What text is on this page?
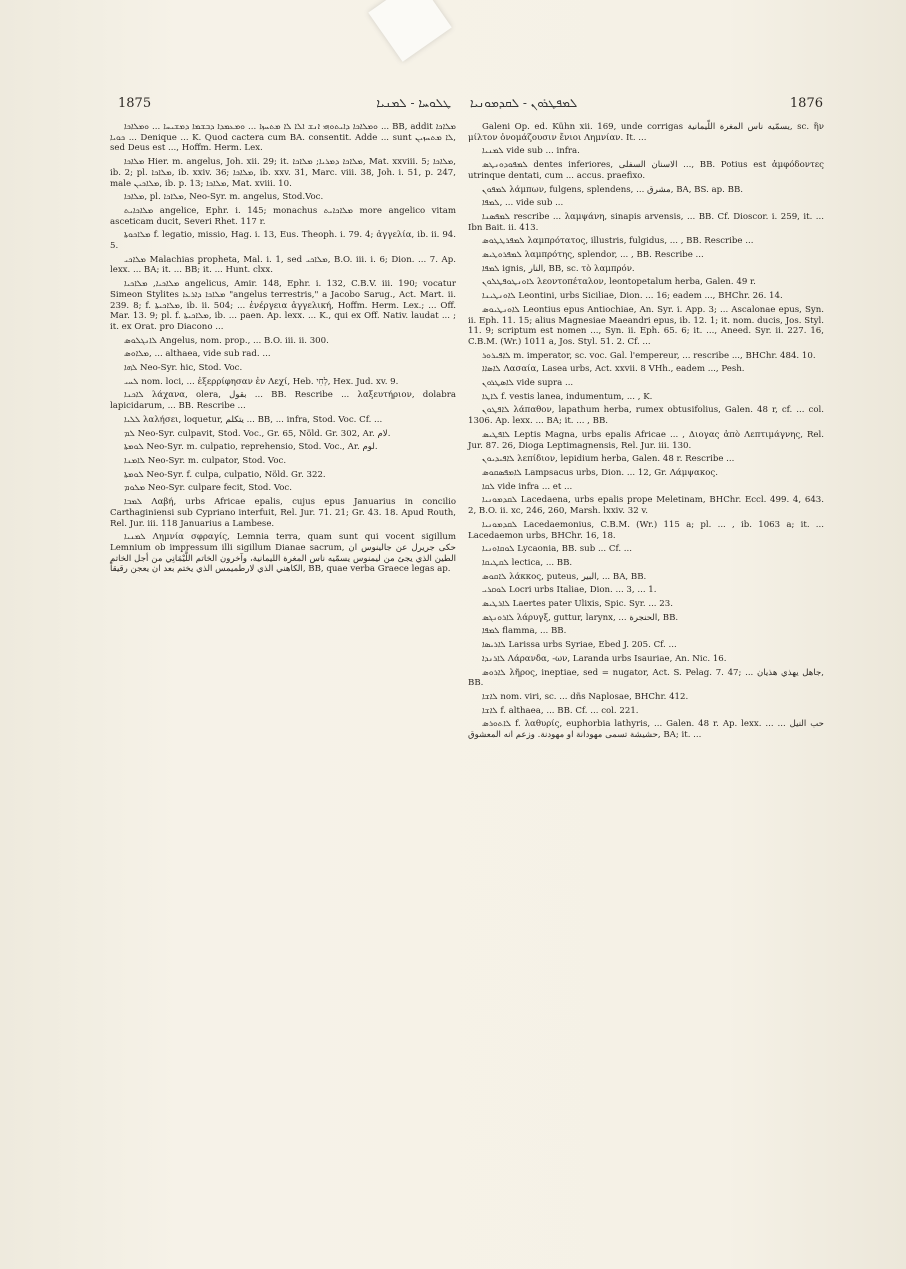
1875	ܛܠܘܚܐ - ܠܡܢܝܐ ܠܡܦܛܪܘܢ - ܠܩܕܡܘܢܝܐ	1876

ܘܡܠܐܟܐ ܕܐܝܬܘܗܝ ܐܢܫ ܐܠܐ ܠܐ ܡܬܚܙܐ ... ܘܡܥܡܕܐ ܕܒܫܡܐ ܕܡܫܝܚܐ ... ܘܡܠܐܟܐ ... BB, addit ܡܠܐܟܐ ܟܘܝܐ ... Denique ... K. Quod cactera cum BA. consentit. Adde ... sunt ܠܐ ܡܬܚܙܝܢ, sed Deus est ..., Hoffm. Herm. Lex.

ܡܠܐܟܐ Hier. m. angelus, Joh. xii. 29; it. ܡܠܐܟܐ ܕܡܪܝܐ; ܡܠܐܟܐ, Mat. xxviii. 5; ܡܠܐܟܐ, ib. 2; pl. ܡܠܐܟܐ, ib. xxiv. 36; ܡܠܐܟܐ, ib. xxv. 31, Marc. viii. 38, Joh. i. 51, p. 247, male ܡܠܐܟܝܢ, ib. p. 13; ܡܠܐܟܐ, Mat. xviii. 10.

ܡܠܐܟܐ, pl. ܡܠܐܟܐ, Neo-Syr. m. angelus, Stod.Voc.

ܡܠܐܟܐܝܬ angelice, Ephr. i. 145; monachus ܡܠܐܟܐܝܬ more angelico vitam asceticam ducit, Severi Rhet. 117 r.

ܡܠܐܟܘܬܐ f. legatio, missio, Hag. i. 13, Eus. Theoph. i. 79. 4; ἀγγελία, ib. ii. 94. 5.

ܡܠܐܟܝ Malachias propheta, Mal. i. 1, sed ܡܠܐܟܝ, B.O. iii. i. 6; Dion. ... 7. Ap. lexx. ... BA; it. ... BB; it. ... Hunt. clxx.

ܡܠܐܟܝܐ, ܡܠܐܟܝܐ angelicus, Amir. 148, Ephr. i. 132, C.B.V. iii. 190; vocatur Simeon Stylites ܡܠܐܟܐ ܕܐܪܥܐ "angelus terrestris," a Jacobo Sarug., Act. Mart. ii. 239. 8; f. ܡܠܐܟܝܬܐ, ib. ii. 504; ... ἐνέργεια ἀγγελική, Hoffm. Herm. Lex.; ... Off. Mar. 13. 9; pl. f. ܡܠܐܟܝܬܐ, ib. ... paen. Ap. lexx. ... K., qui ex Off. Nativ. laudat ... ; it. ex Orat. pro Diacono ...

ܠܐܢܓܠܘܣ Angelus, nom. prop., ... B.O. iii. ii. 300.

ܡܠܐܘܣ, ... althaea, vide sub rad. ...

ܠܗܐ Neo-Syr. hic, Stod. Voc.

ܠܚܝ nom. loci, ... ἐξερρίφησαν ἐν Λεχί, Heb. לְחִי, Hex. Jud. xv. 9.

ܠܐܟܢܐ λάχανα, olera, بقول ... BB. Rescribe ... λαξευτήριον, dolabra lapicidarum, ... BB. Rescribe ...

ܠܠܝܐ λαλήσει, loquetur, يتكلم ... BB, ... infra, Stod. Voc. Cf. ...

ܠܡ Neo-Syr. culpavit, Stod. Voc., Gr. 65, Nöld. Gr. 302, Ar. لام.

ܠܘܡܬܐ Neo-Syr. m. culpatio, reprehensio, Stod. Voc., Ar. لوم.

ܠܐܡܢܐ Neo-Syr. m. culpator, Stod. Voc.

ܠܘܡܬܐ Neo-Syr. f. culpa, culpatio, Nöld. Gr. 322.

ܡܠܘܡ Neo-Syr. culpare fecit, Stod. Voc.

ܠܡܒܐ Λαβή, urbs Africae epalis, cujus epus Januarius in concilio Carthaginiensi sub Cypriano interfuit, Rel. Jur. 71. 21; Gr. 43. 18. Apud Routh, Rel. Jur. iii. 118 Januarius a Lambese.

ܠܡܢܝܐ Λημνία σφραγίς, Lemnia terra, quam sunt qui vocent sigillum Lemnium ob impressum illi sigillum Dianae sacrum, حكى جريرل عن جالينوس ان الطين الذي يجئ من ليمنوس يسمّيه ناس المغرة الليمانية، وآخرون الخاتم اللَّيْمَانِي من أجل الخاتم الكاهني الذي لارطميمس الذي يختم بعد ان يعجن رقيقاً, BB, quae verba Graece legas ap.

Galeni Op. ed. Kühn xii. 169, unde corrigas يسمّيه ناس المغرة اللّيمانية, sc. ἣν μίλτον ὀνομάζουσιν ἔνιοι Λημνίαν. It. ...

ܠܡܢܝܐ vide sub ... infra.

ܠܡܦܘܕܘܢܛܣ dentes inferiores, الاسنان السفلى ..., BB. Potius est ἀμφόδοντες utrinque dentati, cum ... accus. praefixo.

ܠܡܦܘܢ λάμπων, fulgens, splendens, ... مشرق, BA, BS. ap. BB.

ܠܡܦܐ, ... vide sub ...

ܠܡܦܣܢܐ rescribe ... λαμψάνη, sinapis arvensis, ... BB. Cf. Dioscor. i. 259, it. ... Ibn Bait. ii. 413.

ܠܡܦܪܛܛܘܣ λαμπρότατος, illustris, fulgidus, ... , BB. Rescribe ...

ܠܡܦܪܘܛܝܣ λαμπρότης, splendor, ... , BB. Rescribe ...

ܠܡܦܐ ignis, النار, BB, sc. τὸ λαμπρόν.

ܠܐܘܢܛܘܦܛܠܘܢ λεοντοπέταλον, leontopetalum herba, Galen. 49 r.

ܠܐܘܢܛܝܢܐ Leontini, urbs Siciliae, Dion. ... 16; eadem ..., BHChr. 26. 14.

ܠܐܘܢܛܝܘܣ Leontius epus Antiochiae, An. Syr. i. App. 3; ... Ascalonae epus, Syn. ii. Eph. 11. 15; alius Magnesiae Maeandri epus, ib. 12. 1; it. nom. ducis, Jos. Styl. 11. 9; scriptum est nomen ..., Syn. ii. Eph. 65. 6; it. ..., Aneed. Syr. ii. 227. 16, C.B.M. (Wr.) 1011 a, Jos. Styl. 51. 2. Cf. ...

ܠܐܦܝܪܘܪ m. imperator, sc. voc. Gal. l'empereur, ... rescribe ..., BHChr. 484. 10.

ܠܐܣܐܐ Λασαία, Lasea urbs, Act. xxvii. 8 VHh., eadem ..., Pesh.

ܠܐܣܛܪܘܢ vide supra ...

ܠܐܛܐ f. vestis lanea, indumentum, ... , K.

ܠܐܦܛܘܢ λάπαθον, lapathum herba, rumex obtusifolius, Galen. 48 r, cf. ... col. 1306. Ap. lexx. ... BA; it. ... , BB.

ܠܐܦܛܝܣ Leptis Magna, urbs epalis Africae ... , Διογας ἀπὸ Λεπτιμάγνης, Rel. Jur. 87. 26, Dioga Leptimagnensis, Rel. Jur. iii. 130.

ܠܐܦܝܕܝܘܢ λεπίδιον, lepidium herba, Galen. 48 r. Rescribe ...

ܠܐܡܦܣܩܘܣ Lampsacus urbs, Dion. ... 12, Gr. Λάμψακος.

ܠܩܐ vide infra ... et ...

ܠܩܕܡܘܢܝܐ Lacedaena, urbs epalis prope Meletinam, BHChr. Eccl. 499. 4, 643. 2, B.O. ii. xc, 246, 260, Marsh. lxxiv. 32 v.

ܠܩܕܡܘܢܝܐ Lacedaemonius, C.B.M. (Wr.) 115 a; pl. ... , ib. 1063 a; it. ... Lacedaemon urbs, BHChr. 16, 18.

ܠܘܩܐܘܢܝܐ Lycaonia, BB. sub ... Cf. ...

ܠܩܛܝܩܐ lectica, ... BB.

ܠܐܩܘܣ λάκκος, puteus, البير, ... BA, BB.

ܠܘܩܪܝ Locri urbs Italiae, Dion. ... 3, ... 1.

ܠܐܪܛܝܣ Laertes pater Ulixis, Spic. Syr. ... 23.

ܠܐܪܘܢܓܣ λάρυγξ, guttur, larynx, ... الحنجرة, BB.

ܠܡܦܐ flamma, ... BB.

ܠܐܪܝܣܐ Larissa urbs Syriae, Ebed J. 205. Cf. ...

ܠܐܪܢܕܐ Λάρανδα, -ων, Laranda urbs Isauriae, An. Nic. 16.

ܠܐܪܘܣ λῆρος, ineptiae, sed = nugator, Act. S. Pelag. 7. 47; ... جاهل يهذي هذيان, BB.

ܠܐܫܐ nom. viri, sc. ... dñs Naplosae, BHChr. 412.

ܠܐܫܐ f. althaea, ... BB. Cf. ... col. 221.

ܠܐܬܘܪܣ f. λαθυρίς, euphorbia lathyris, ... Galen. 48 r. Ap. lexx. ... حب النيل ... حشيشة تسمى مهودانة او مهودنة. وزعم انه المعشوق, BA; it. ...
